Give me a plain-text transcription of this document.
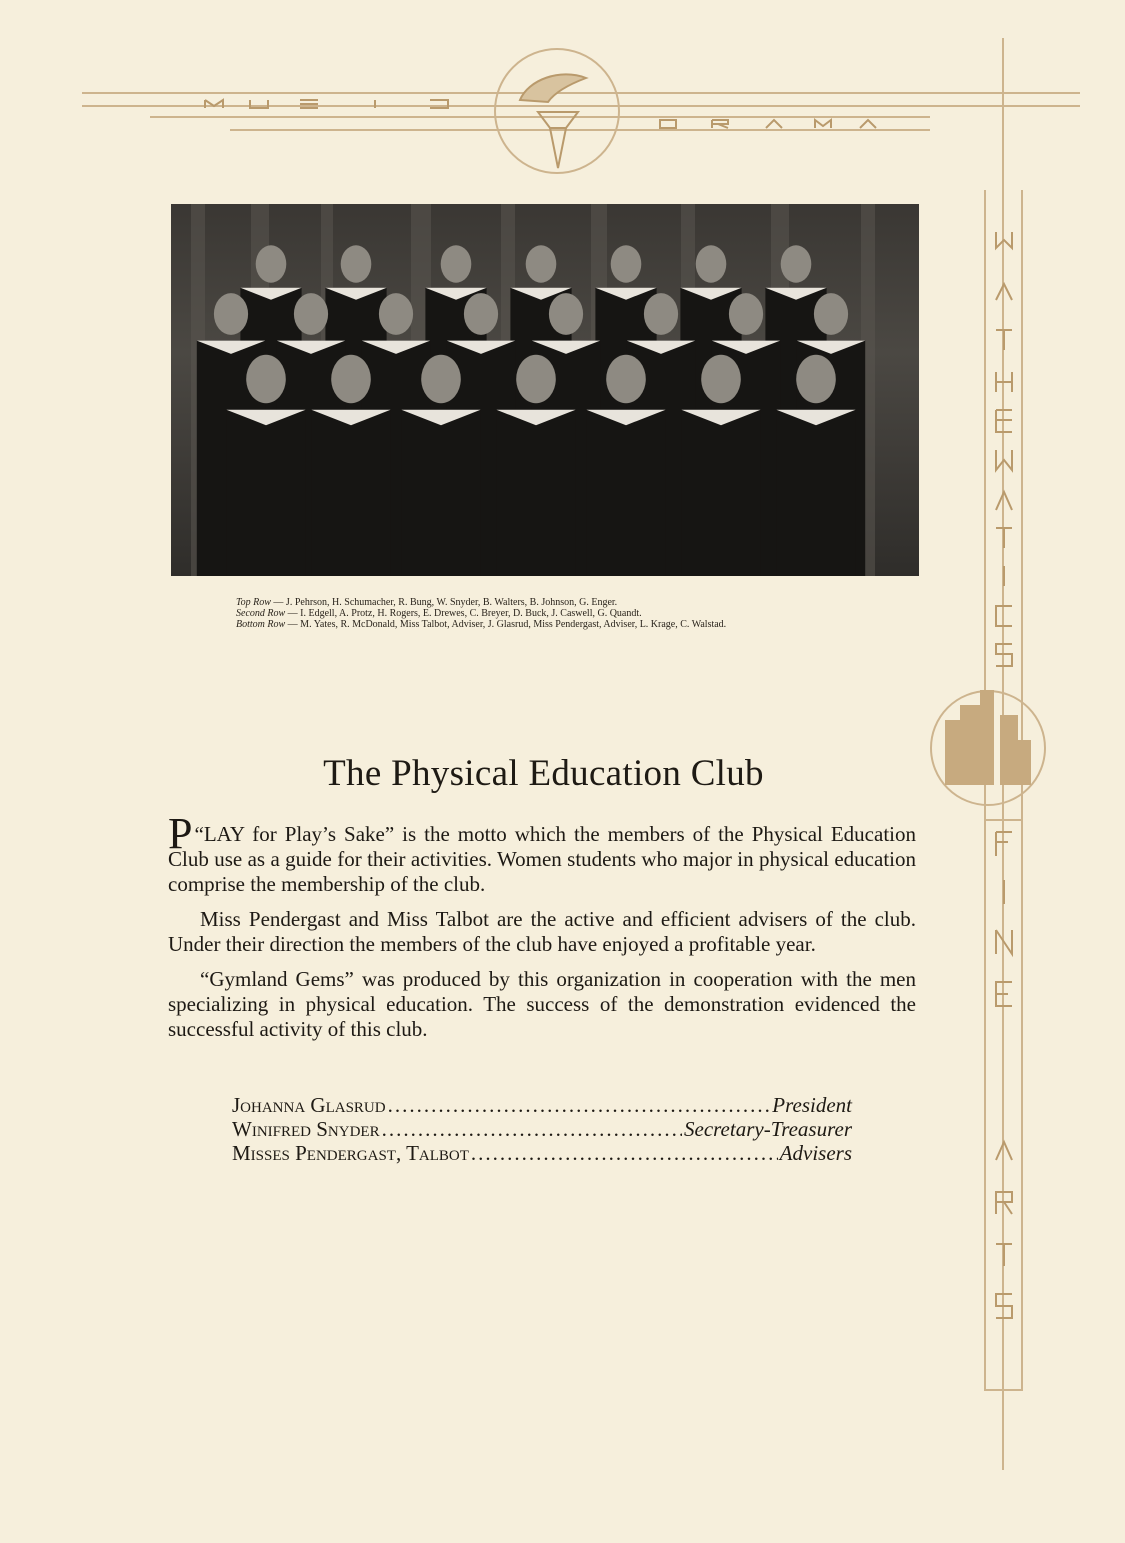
Top Row — J. Pehrson, H. Schumacher, R. Bung, W. Snyder, B. Walters, B. Johnson, G. Enger.
Second Row — I. Edgell, A. Protz, H. Rogers, E. Drewes, C. Breyer, D. Buck, J. Caswell, G. Quandt.
Bottom Row — M. Yates, R. McDonald, Miss Talbot, Adviser, J. Glasrud, Miss Pendergast, Adviser, L. Krage, C. Walstad.
The Physical Education Club

“
P LAY for Play’s Sake” is the motto which the members of the Physical Education Club use as a guide for their activities. Women students who major in physical education comprise the membership of the club.

Miss Pendergast and Miss Talbot are the active and efficient advisers of the club. Under their direction the members of the club have enjoyed a profitable year.

“Gymland Gems” was produced by this organization in cooperation with the men specializing in physical education. The success of the demonstration evidenced the successful activity of this club.

Johanna Glasrud .....	President
Winifred Snyder .....	Secretary-Treasurer
Misses Pendergast, Talbot .....	Advisers
